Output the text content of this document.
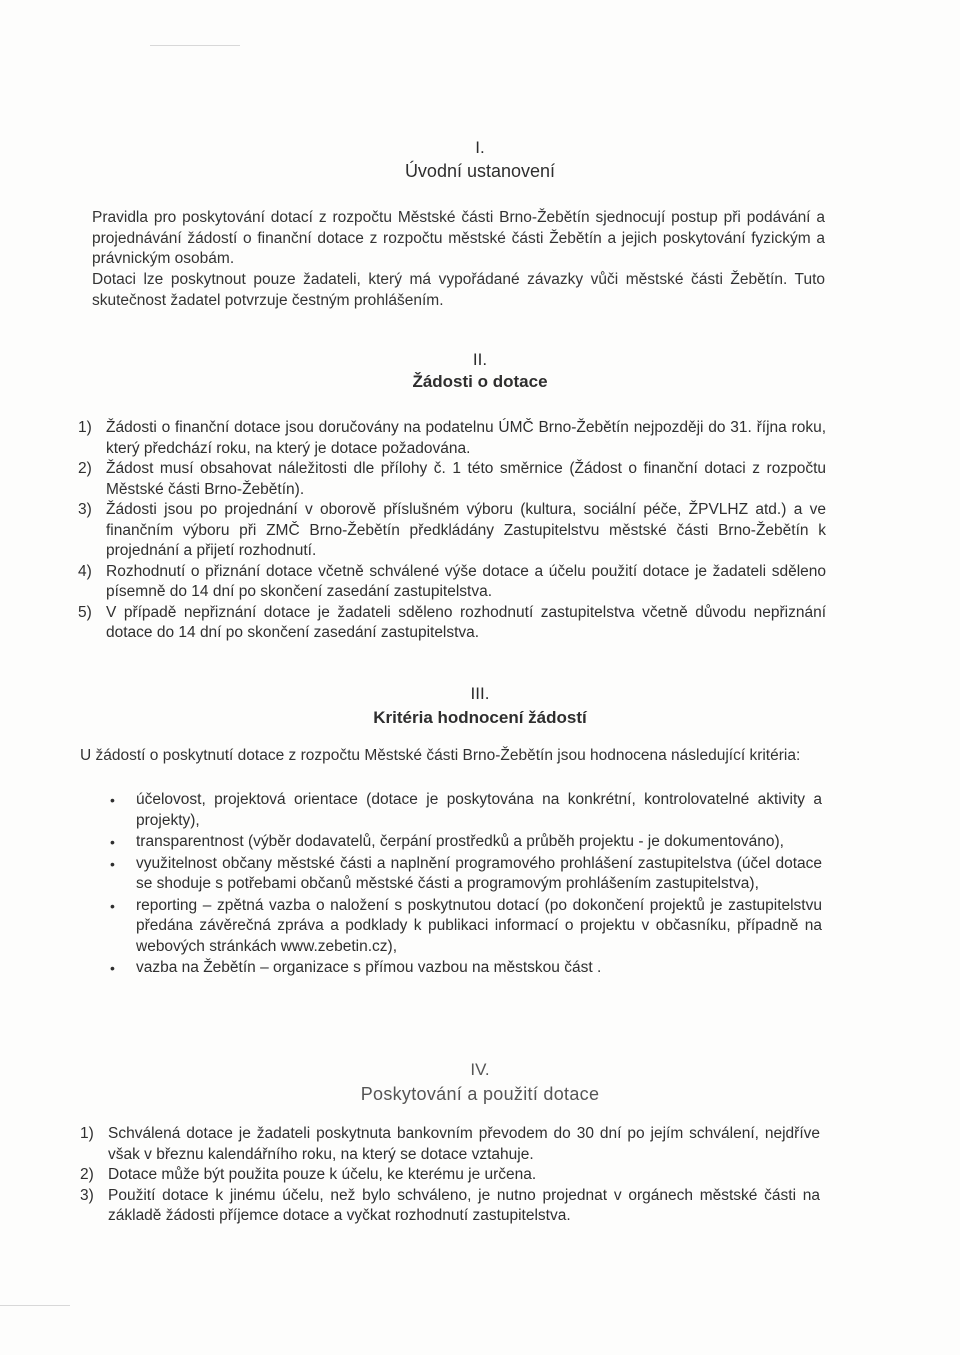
I.
Úvodní ustanovení
Pravidla pro poskytování dotací z rozpočtu Městské části Brno-Žebětín sjednocují postup při podávání a projednávání žádostí o finanční dotace z rozpočtu městské části Žebětín a jejich poskytování fyzickým a právnickým osobám.
Dotaci lze poskytnout pouze žadateli, který má vypořádané závazky vůči městské části Žebětín. Tuto skutečnost žadatel potvrzuje čestným prohlášením.
II.
Žádosti o dotace
1) Žádosti o finanční dotace jsou doručovány na podatelnu ÚMČ Brno-Žebětín nejpozději do 31. října roku, který předchází roku, na který je dotace požadována.
2) Žádost musí obsahovat náležitosti dle přílohy č. 1 této směrnice (Žádost o finanční dotaci z rozpočtu Městské části Brno-Žebětín).
3) Žádosti jsou po projednání v oborově příslušném výboru (kultura, sociální péče, ŽPVLHZ atd.) a ve finančním výboru při ZMČ Brno-Žebětín předkládány Zastupitelstvu městské části Brno-Žebětín k projednání a přijetí rozhodnutí.
4) Rozhodnutí o přiznání dotace včetně schválené výše dotace a účelu použití dotace je žadateli sděleno písemně do 14 dní po skončení zasedání zastupitelstva.
5) V případě nepřiznání dotace je žadateli sděleno rozhodnutí zastupitelstva včetně důvodu nepřiznání dotace do 14 dní po skončení zasedání zastupitelstva.
III.
Kritéria hodnocení žádostí
U žádostí o poskytnutí dotace z rozpočtu Městské části Brno-Žebětín jsou hodnocena následující kritéria:
• účelovost, projektová orientace (dotace je poskytována na konkrétní, kontrolovatelné aktivity a projekty),
• transparentnost (výběr dodavatelů, čerpání prostředků a průběh projektu - je dokumentováno),
• využitelnost občany městské části a naplnění programového prohlášení zastupitelstva (účel dotace se shoduje s potřebami občanů městské části a programovým prohlášením zastupitelstva),
• reporting – zpětná vazba o naložení s poskytnutou dotací (po dokončení projektů je zastupitelstvu předána závěrečná zpráva a podklady k publikaci informací o projektu v občasníku, případně na webových stránkách www.zebetin.cz),
• vazba na Žebětín – organizace s přímou vazbou na městskou část .
IV.
Poskytování a použití dotace
1) Schválená dotace je žadateli poskytnuta bankovním převodem do 30 dní po jejím schválení, nejdříve však v březnu kalendářního roku, na který se dotace vztahuje.
2) Dotace může být použita pouze k účelu, ke kterému je určena.
3) Použití dotace k jinému účelu, než bylo schváleno, je nutno projednat v orgánech městské části na základě žádosti příjemce dotace a vyčkat rozhodnutí zastupitelstva.
